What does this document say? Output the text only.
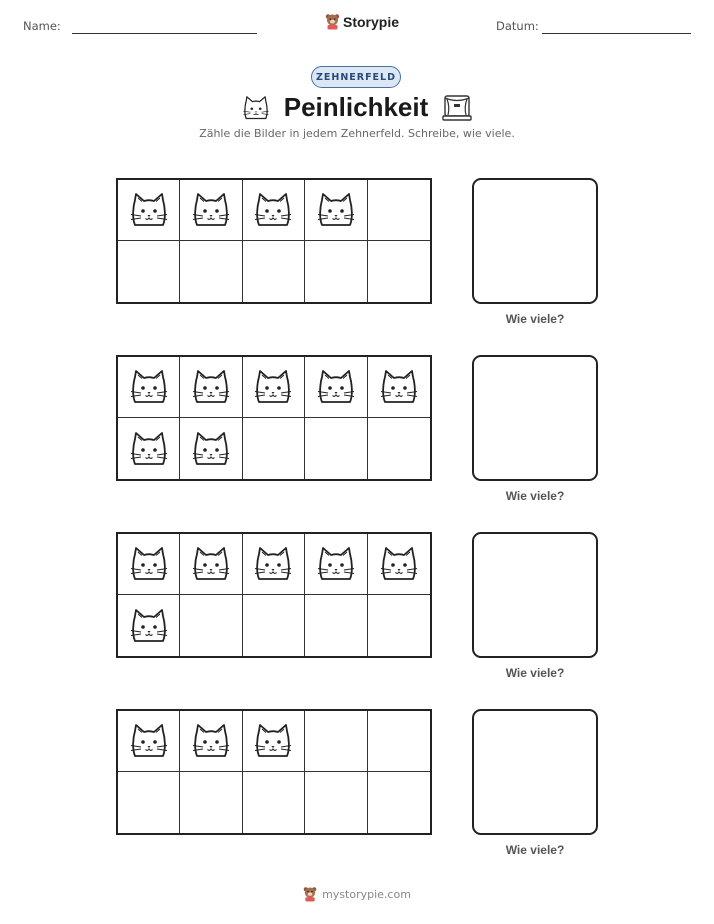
Name:	Storypie	Datum:
ZEHNERFELD
Peinlichkeit
Zähle die Bilder in jedem Zehnerfeld. Schreibe, wie viele.
Wie viele?
Wie viele?
Wie viele?
Wie viele?
mystorypie.com
